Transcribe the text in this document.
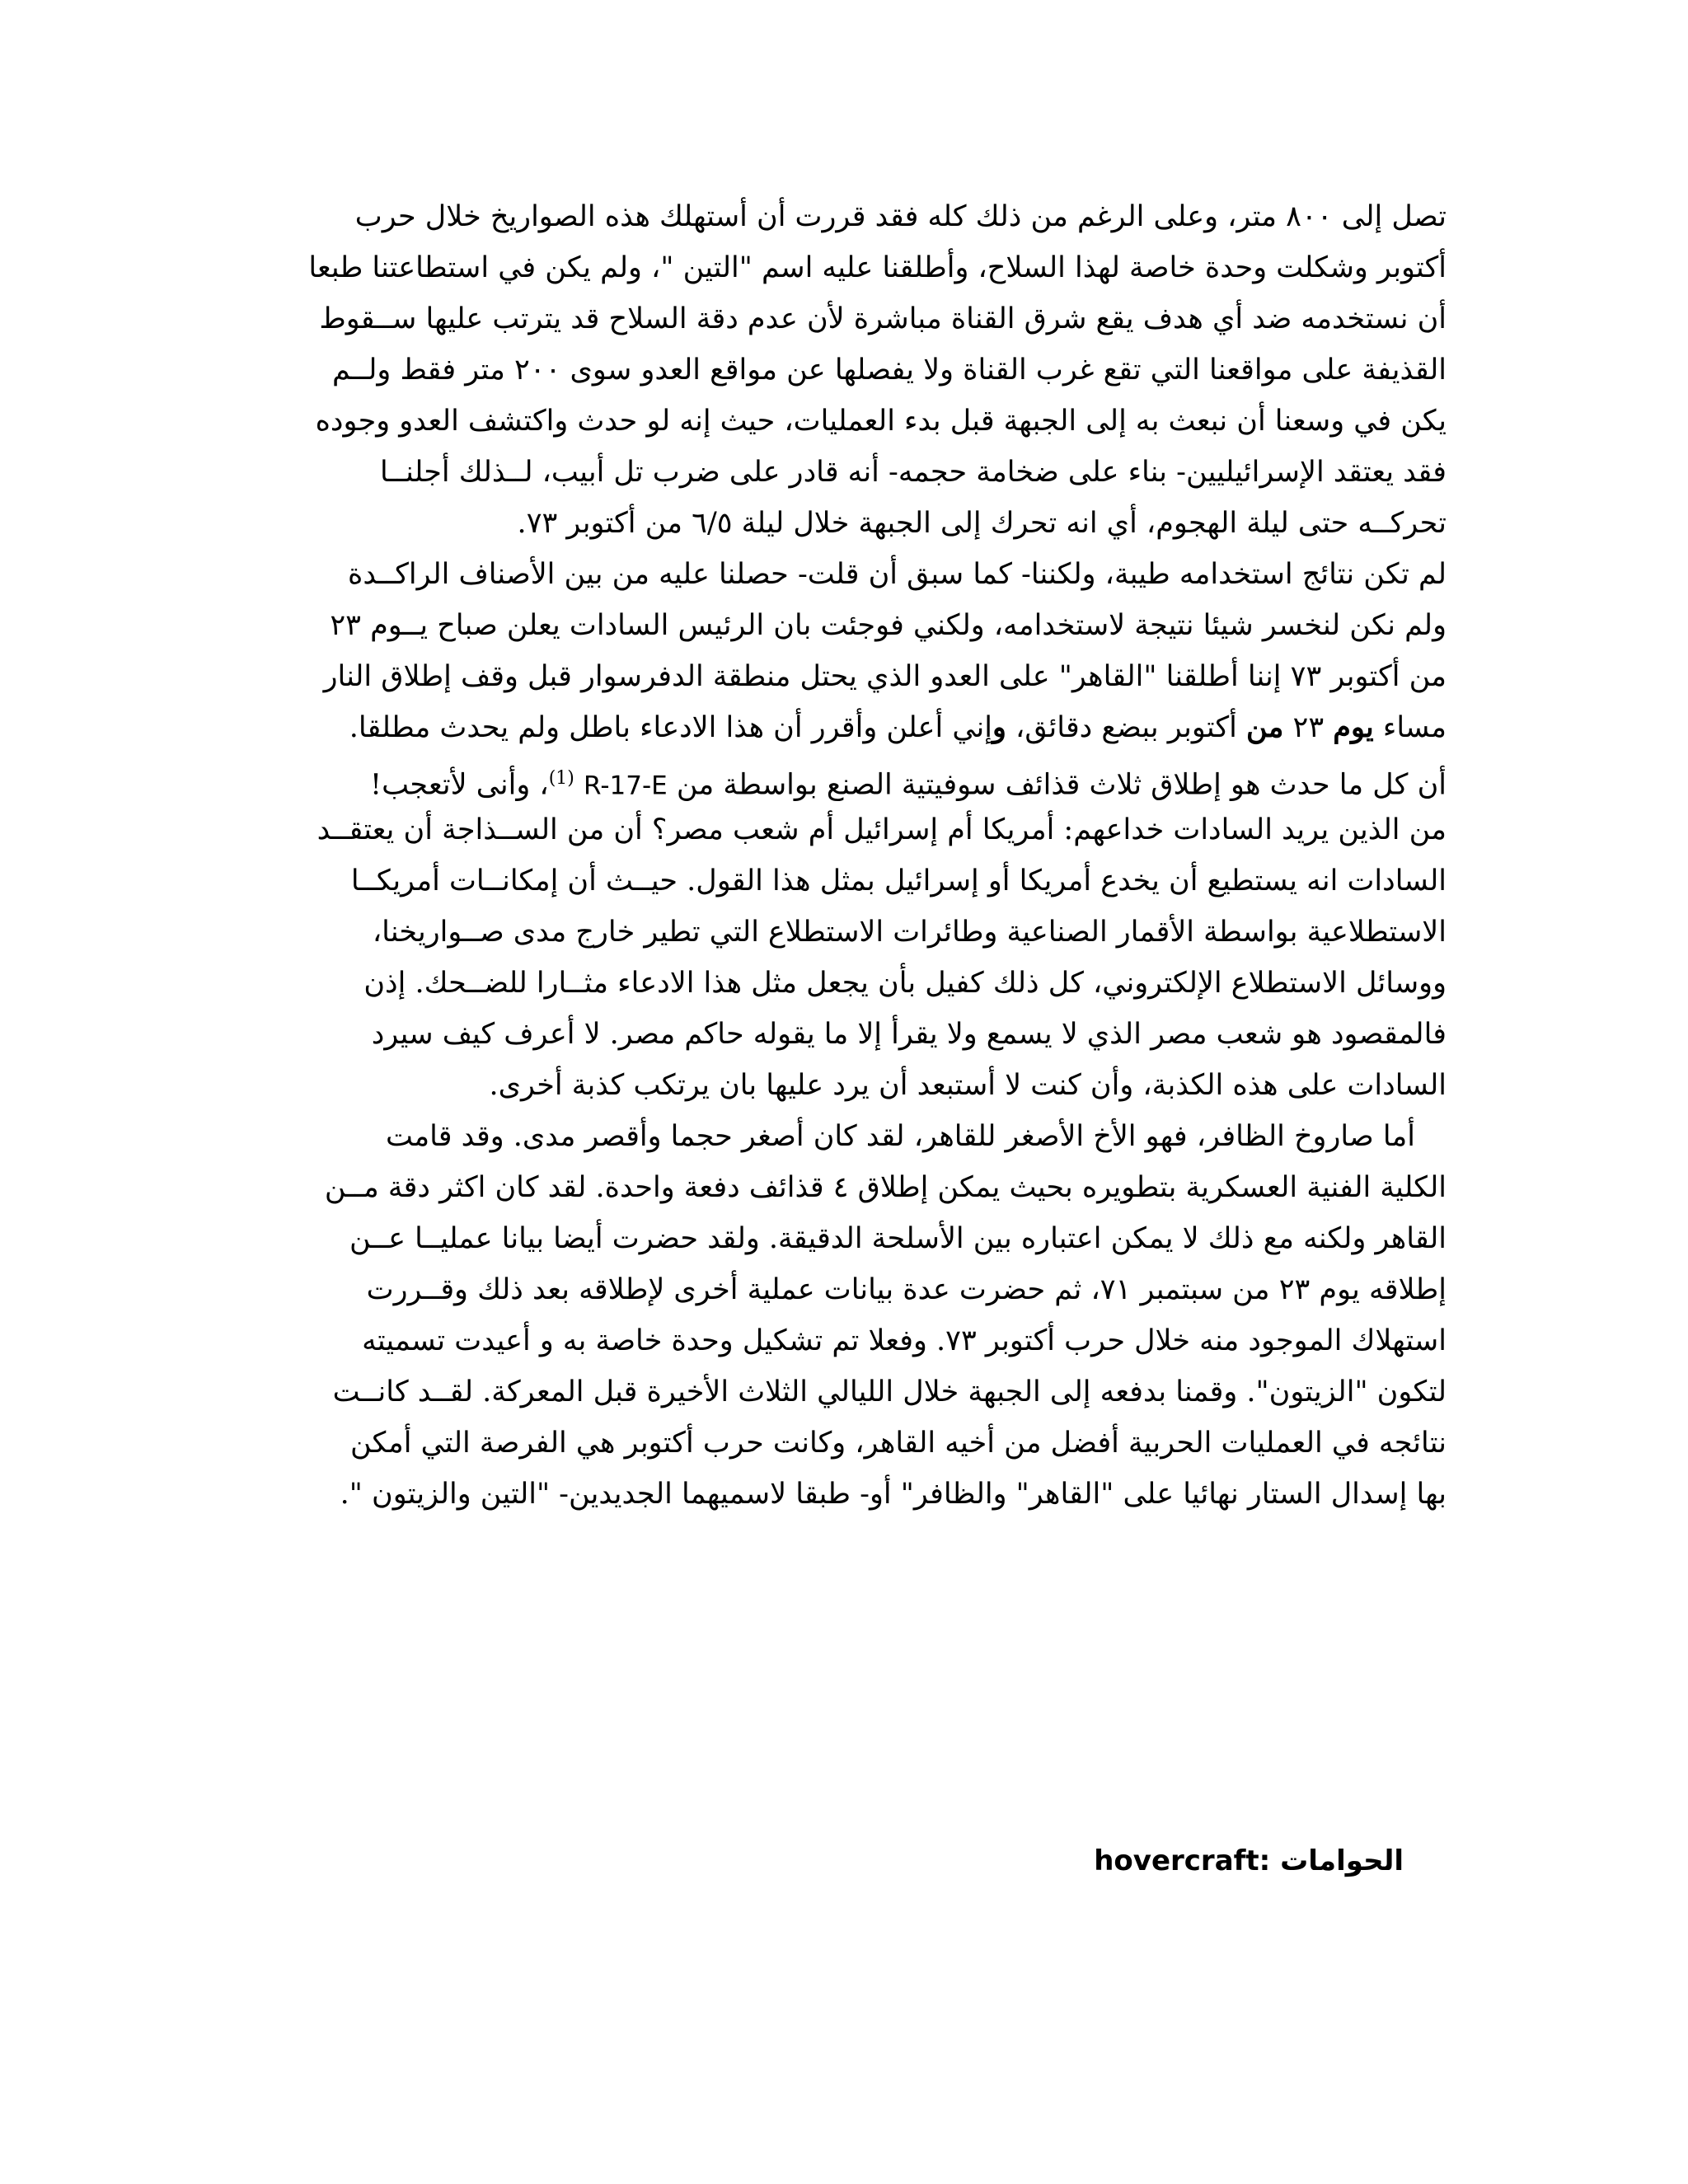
تصل إلى ٨٠٠ متر، وعلى الرغم من ذلك كله فقد قررت أن أستهلك هذه الصواريخ خلال حرب
أكتوبر وشكلت وحدة خاصة لهذا السلاح، وأطلقنا عليه اسم "التين "، ولم يكن في استطاعتنا طبعا
أن نستخدمه ضد أي هدف يقع شرق القناة مباشرة لأن عدم دقة السلاح قد يترتب عليها ســقوط
القذيفة على مواقعنا التي تقع غرب القناة ولا يفصلها عن مواقع العدو سوى ٢٠٠ متر فقط ولــم
يكن في وسعنا أن نبعث به إلى الجبهة قبل بدء العمليات، حيث إنه لو حدث واكتشف العدو وجوده
فقد يعتقد الإسرائيليين- بناء على ضخامة حجمه- أنه قادر على ضرب تل أبيب، لــذلك أجلنــا
تحركــه حتى ليلة الهجوم، أي انه تحرك إلى الجبهة خلال ليلة ٦/٥ من أكتوبر ٧٣.

لم تكن نتائج استخدامه طيبة، ولكننا- كما سبق أن قلت- حصلنا عليه من بين الأصناف الراكــدة
ولم نكن لنخسر شيئا نتيجة لاستخدامه، ولكني فوجئت بان الرئيس السادات يعلن صباح يــوم ٢٣
من أكتوبر ٧٣ إننا أطلقنا "القاهر" على العدو الذي يحتل منطقة الدفرسوار قبل وقف إطلاق النار
مساء يوم ٢٣ من أكتوبر ببضع دقائق، وإني أعلن وأقرر أن هذا الادعاء باطل ولم يحدث مطلقا.
أن كل ما حدث هو إطلاق ثلاث قذائف سوفيتية الصنع بواسطة من R-17-E $^{(1)}$، وأنى لأتعجب!
من الذين يريد السادات خداعهم: أمريكا أم إسرائيل أم شعب مصر؟ أن من الســذاجة أن يعتقــد
السادات انه يستطيع أن يخدع أمريكا أو إسرائيل بمثل هذا القول. حيــث أن إمكانــات أمريكــا
الاستطلاعية بواسطة الأقمار الصناعية وطائرات الاستطلاع التي تطير خارج مدى صــواريخنا،
ووسائل الاستطلاع الإلكتروني، كل ذلك كفيل بأن يجعل مثل هذا الادعاء مثــارا للضــحك. إذن
فالمقصود هو شعب مصر الذي لا يسمع ولا يقرأ إلا ما يقوله حاكم مصر. لا أعرف كيف سيرد
السادات على هذه الكذبة، وأن كنت لا أستبعد أن يرد عليها بان يرتكب كذبة أخرى.

أما صاروخ الظافر، فهو الأخ الأصغر للقاهر، لقد كان أصغر حجما وأقصر مدى. وقد قامت
الكلية الفنية العسكرية بتطويره بحيث يمكن إطلاق ٤ قذائف دفعة واحدة. لقد كان اكثر دقة مــن
القاهر ولكنه مع ذلك لا يمكن اعتباره بين الأسلحة الدقيقة. ولقد حضرت أيضا بيانا عمليــا عــن
إطلاقه يوم ٢٣ من سبتمبر ٧١، ثم حضرت عدة بيانات عملية أخرى لإطلاقه بعد ذلك وقــررت
استهلاك الموجود منه خلال حرب أكتوبر ٧٣. وفعلا تم تشكيل وحدة خاصة به و أعيدت تسميته
لتكون "الزيتون". وقمنا بدفعه إلى الجبهة خلال الليالي الثلاث الأخيرة قبل المعركة. لقــد كانــت
نتائجه في العمليات الحربية أفضل من أخيه القاهر، وكانت حرب أكتوبر هي الفرصة التي أمكن
بها إسدال الستار نهائيا على "القاهر" والظافر" أو- طبقا لاسميهما الجديدين- "التين والزيتون ".

الحوامات hovercraft:
